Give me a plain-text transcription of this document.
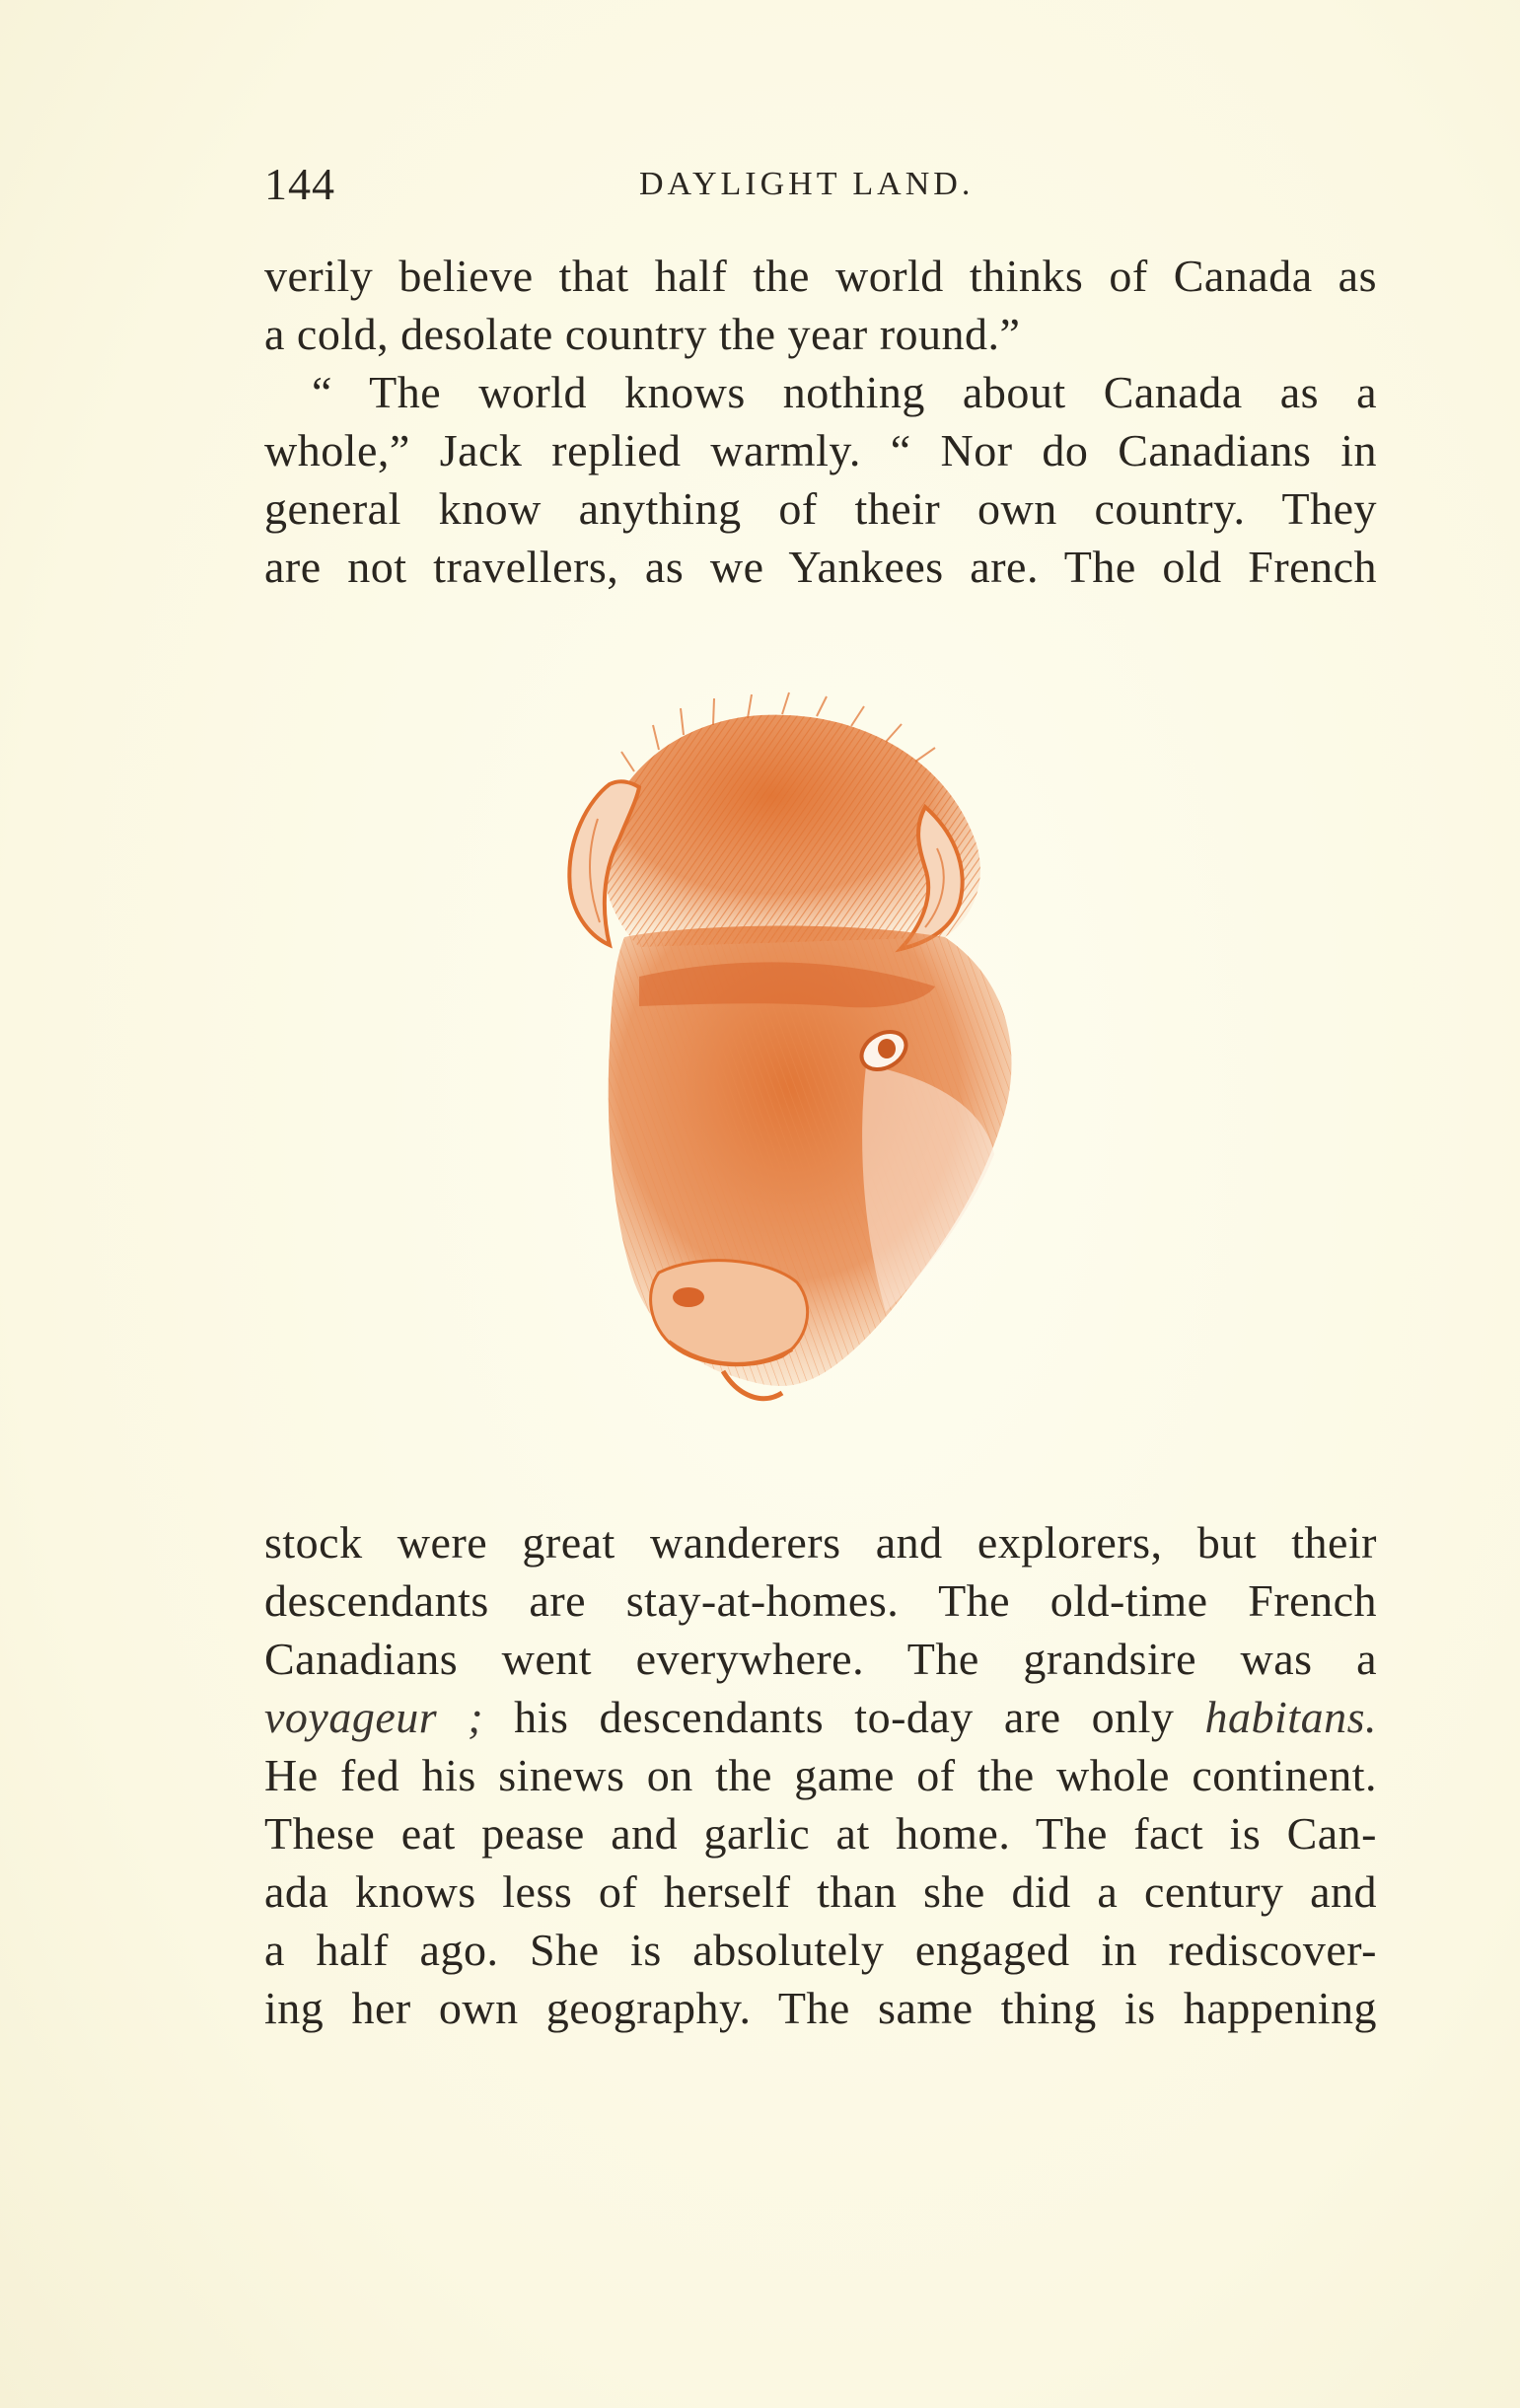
144	DAYLIGHT LAND.
verily believe that half the world thinks of Canada as
a cold, desolate country the year round.”
“ The world knows nothing about Canada as a
whole,” Jack replied warmly. “ Nor do Canadians in
general know anything of their own country. They
are not travellers, as we Yankees are. The old French
stock were great wanderers and explorers, but their
descendants are stay-at-homes. The old-time French
Canadians went everywhere. The grandsire was a
voyageur ; his descendants to-day are only habitans.
He fed his sinews on the game of the whole continent.
These eat pease and garlic at home. The fact is Can-
ada knows less of herself than she did a century and
a half ago. She is absolutely engaged in rediscover-
ing her own geography. The same thing is happening
